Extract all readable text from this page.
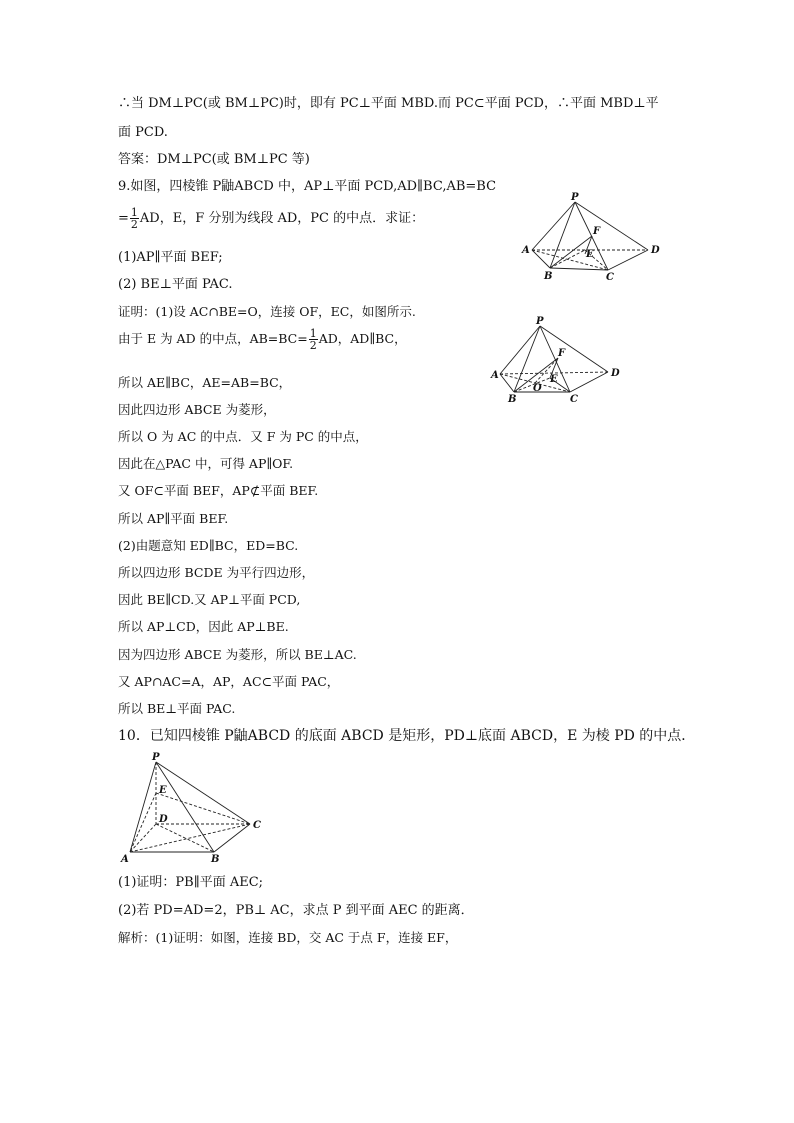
∴当 DM⊥PC(或 BM⊥PC)时，即有 PC⊥平面 MBD.而 PC⊂平面 PCD，∴平面 MBD⊥平
面 PCD.
答案：DM⊥PC(或 BM⊥PC 等)
9.如图，四棱锥 P鼬ABCD 中，AP⊥平面 PCD,AD∥BC,AB=BC
= $\frac{1}{2}$ AD，E，F 分别为线段 AD，PC 的中点．求证：
(1)AP∥平面 BEF;
(2) BE⊥平面 PAC.
证明：(1)设 AC∩BE=O，连接 OF，EC，如图所示.
由于 E 为 AD 的中点，$AB=BC= \frac{1}{2}$ AD，AD∥BC，
所以 AE∥BC，AE=AB=BC，
因此四边形 ABCE 为菱形，
所以 O 为 AC 的中点．又 F 为 PC 的中点，
因此在△PAC 中，可得 AP∥OF.
又 OF⊂平面 BEF，AP⊄平面 BEF.
所以 AP∥平面 BEF.
(2)由题意知 ED∥BC，ED=BC.
所以四边形 BCDE 为平行四边形，
因此 BE∥CD.又 AP⊥平面 PCD,
所以 AP⊥CD，因此 AP⊥BE.
因为四边形 ABCE 为菱形，所以 BE⊥AC.
又 AP∩AC=A，AP，AC⊂平面 PAC，
所以 BE⊥平面 PAC.
10．已知四棱锥 P鼬ABCD 的底面 ABCD 是矩形，PD⊥底面 ABCD，E 为棱 PD 的中点．
(1)证明：PB∥平面 AEC;
(2)若 PD=AD=2，PB⊥ AC，求点 P 到平面 AEC 的距离．
解析：(1)证明：如图，连接 BD，交 AC 于点 F，连接 EF，
P
F
A	E	D
B	C
P
F
A	E
O
D
B	C
P
E
D
C
A	B
